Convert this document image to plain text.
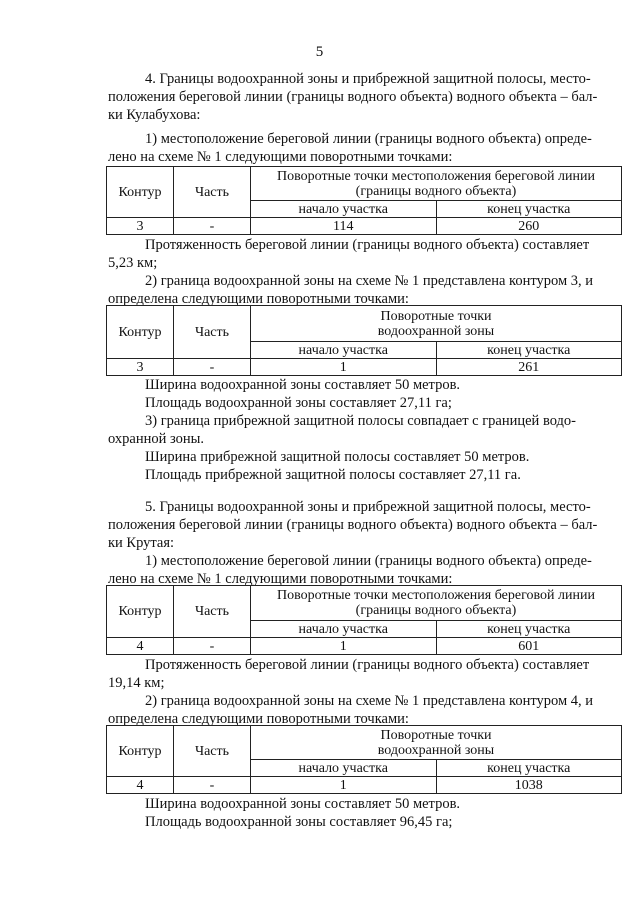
5
4. Границы водоохранной зоны и прибрежной защитной полосы, место-
положения береговой линии (границы водного объекта) водного объекта – бал-
ки Кулабухова:
1) местоположение береговой линии (границы водного объекта) опреде-
лено на схеме № 1 следующими поворотными точками:
Контур	Часть	Поворотные точки местоположения береговой линии
(границы водного объекта)	

		начало участка	конец участка
3	-	114	260
Протяженность береговой линии (границы водного объекта) составляет
5,23 км;
2) граница водоохранной зоны на схеме № 1 представлена контуром 3, и
определена следующими поворотными точками:
Контур	Часть	Поворотные точки
водоохранной зоны	

		начало участка	конец участка
3	-	1	261
Ширина водоохранной зоны составляет 50 метров.
Площадь водоохранной зоны составляет 27,11 га;
3) граница прибрежной защитной полосы совпадает с границей водо-
охранной зоны.
Ширина прибрежной защитной полосы составляет 50 метров.
Площадь прибрежной защитной полосы составляет 27,11 га.
5. Границы водоохранной зоны и прибрежной защитной полосы, место-
положения береговой линии (границы водного объекта) водного объекта – бал-
ки Крутая:
1) местоположение береговой линии (границы водного объекта) опреде-
лено на схеме № 1 следующими поворотными точками:
Контур	Часть	Поворотные точки местоположения береговой линии
(границы водного объекта)	

		начало участка	конец участка
4	-	1	601
Протяженность береговой линии (границы водного объекта) составляет
19,14 км;
2) граница водоохранной зоны на схеме № 1 представлена контуром 4, и
определена следующими поворотными точками:
Контур	Часть	Поворотные точки
водоохранной зоны	

		начало участка	конец участка
4	-	1	1038
Ширина водоохранной зоны составляет 50 метров.
Площадь водоохранной зоны составляет 96,45 га;
